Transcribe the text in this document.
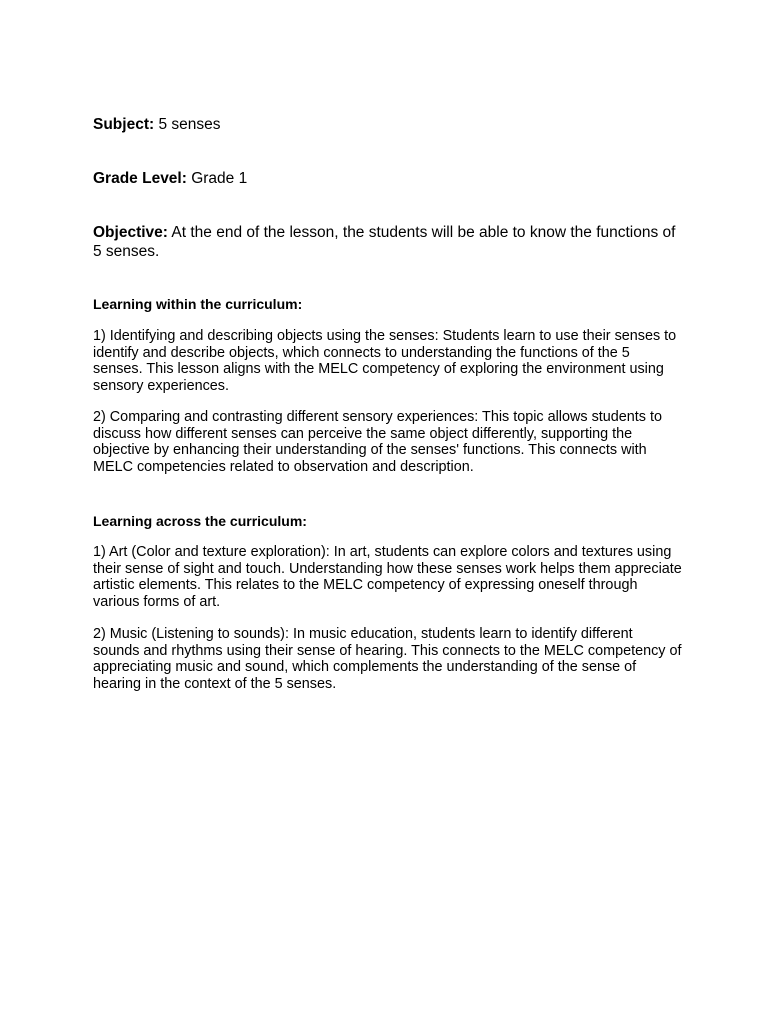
Subject: 5 senses

Grade Level: Grade 1

Objective: At the end of the lesson, the students will be able to know the functions of 5 senses.

Learning within the curriculum:

1) Identifying and describing objects using the senses: Students learn to use their senses to identify and describe objects, which connects to understanding the functions of the 5 senses. This lesson aligns with the MELC competency of exploring the environment using sensory experiences.

2) Comparing and contrasting different sensory experiences: This topic allows students to discuss how different senses can perceive the same object differently, supporting the objective by enhancing their understanding of the senses' functions. This connects with MELC competencies related to observation and description.

Learning across the curriculum:

1) Art (Color and texture exploration): In art, students can explore colors and textures using their sense of sight and touch. Understanding how these senses work helps them appreciate artistic elements. This relates to the MELC competency of expressing oneself through various forms of art.

2) Music (Listening to sounds): In music education, students learn to identify different sounds and rhythms using their sense of hearing. This connects to the MELC competency of appreciating music and sound, which complements the understanding of the sense of hearing in the context of the 5 senses.
